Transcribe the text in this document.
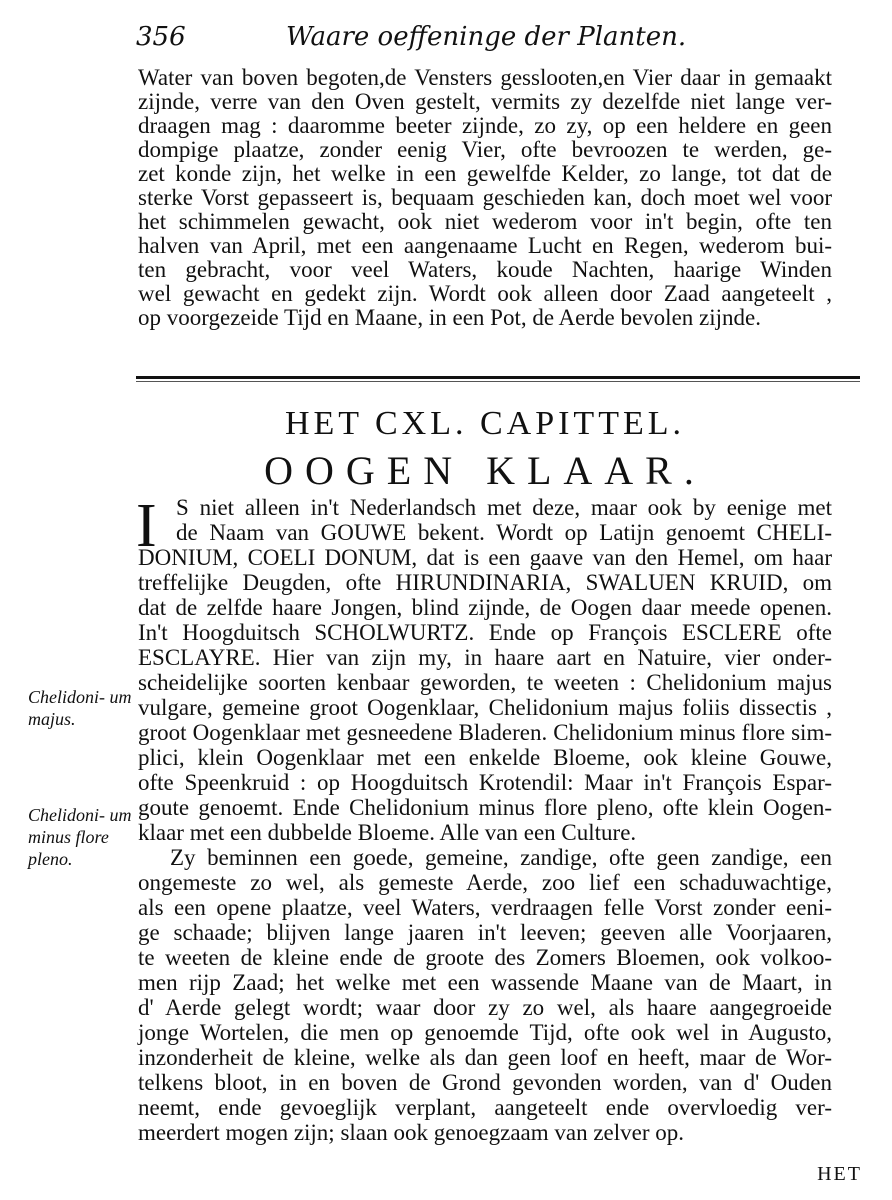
356	Waare oeffeninge der Planten.
Water van boven begoten,de Vensters gesslooten,en Vier daar in gemaakt
zijnde, verre van den Oven gestelt, vermits zy dezelfde niet lange ver-
draagen mag : daaromme beeter zijnde, zo zy, op een heldere en geen
dompige plaatze, zonder eenig Vier, ofte bevroozen te werden, ge-
zet konde zijn, het welke in een gewelfde Kelder, zo lange, tot dat de
sterke Vorst gepasseert is, bequaam geschieden kan, doch moet wel voor
het schimmelen gewacht, ook niet wederom voor in't begin, ofte ten
halven van April, met een aangenaame Lucht en Regen, wederom bui-
ten gebracht, voor veel Waters, koude Nachten, haarige Winden
wel gewacht en gedekt zijn. Wordt ook alleen door Zaad aangeteelt ,
op voorgezeide Tijd en Maane, in een Pot, de Aerde bevolen zijnde.
HET CXL. CAPITTEL.
OOGEN KLAAR.
I S niet alleen in't Nederlandsch met deze, maar ook by eenige met
de Naam van GOUWE bekent. Wordt op Latijn genoemt CHELI-
DONIUM, COELI DONUM, dat is een gaave van den Hemel, om haar
treffelijke Deugden, ofte HIRUNDINARIA, SWALUEN KRUID, om
dat de zelfde haare Jongen, blind zijnde, de Oogen daar meede openen.
In't Hoogduitsch SCHOLWURTZ. Ende op François ESCLERE ofte
ESCLAYRE. Hier van zijn my, in haare aart en Natuire, vier onder-
scheidelijke soorten kenbaar geworden, te weeten : Chelidonium majus
vulgare, gemeine groot Oogenklaar, Chelidonium majus foliis dissectis ,
groot Oogenklaar met gesneedene Bladeren. Chelidonium minus flore sim-
plici, klein Oogenklaar met een enkelde Bloeme, ook kleine Gouwe,
ofte Speenkruid : op Hoogduitsch Krotendil: Maar in't François Espar-
goute genoemt. Ende Chelidonium minus flore pleno, ofte klein Oogen-
klaar met een dubbelde Bloeme. Alle van een Culture.
Zy beminnen een goede, gemeine, zandige, ofte geen zandige, een
ongemeste zo wel, als gemeste Aerde, zoo lief een schaduwachtige,
als een opene plaatze, veel Waters, verdraagen felle Vorst zonder eeni-
ge schaade; blijven lange jaaren in't leeven; geeven alle Voorjaaren,
te weeten de kleine ende de groote des Zomers Bloemen, ook volkoo-
men rijp Zaad; het welke met een wassende Maane van de Maart, in
d' Aerde gelegt wordt; waar door zy zo wel, als haare aangegroeide
jonge Wortelen, die men op genoemde Tijd, ofte ook wel in Augusto,
inzonderheit de kleine, welke als dan geen loof en heeft, maar de Wor-
telkens bloot, in en boven de Grond gevonden worden, van d' Ouden
neemt, ende gevoeglijk verplant, aangeteelt ende overvloedig ver-
meerdert mogen zijn; slaan ook genoegzaam van zelver op.
Chelidoni- um majus.
Chelidoni- um minus flore pleno.
HET
